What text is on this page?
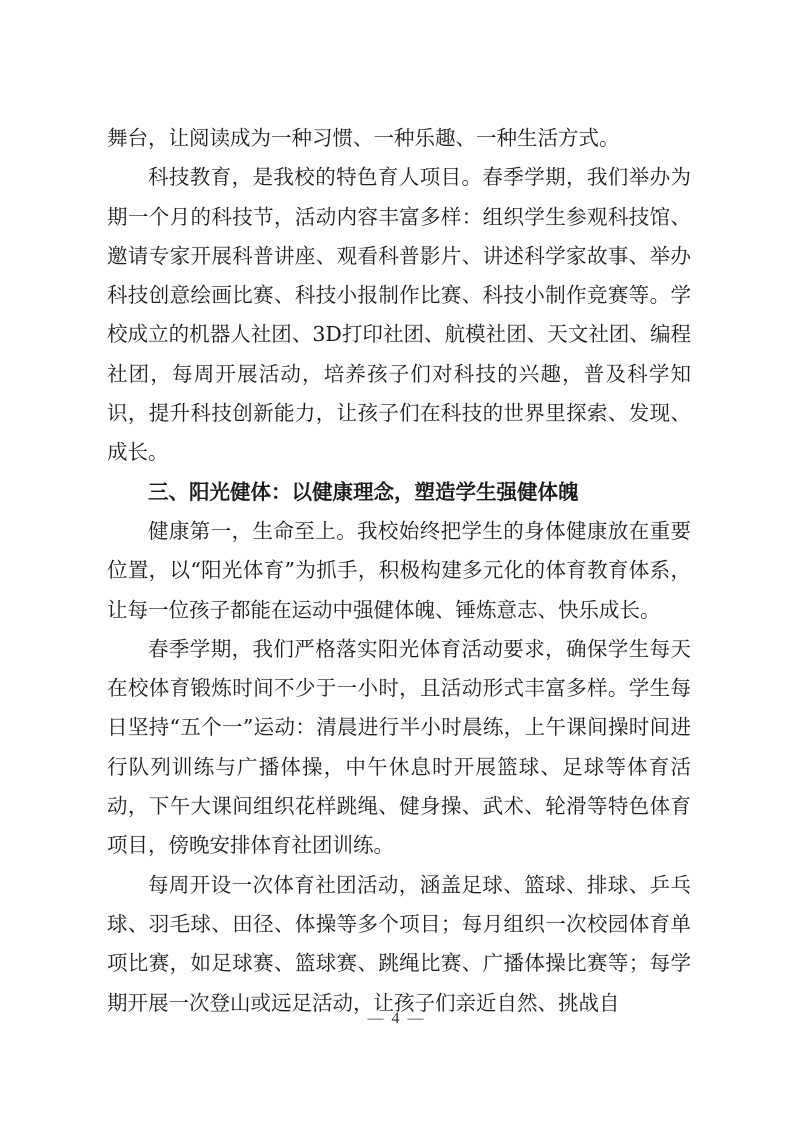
舞台，让阅读成为一种习惯、一种乐趣、一种生活方式。

科技教育，是我校的特色育人项目。春季学期，我们举办为期一个月的科技节，活动内容丰富多样：组织学生参观科技馆、邀请专家开展科普讲座、观看科普影片、讲述科学家故事、举办科技创意绘画比赛、科技小报制作比赛、科技小制作竞赛等。学校成立的机器人社团、3D打印社团、航模社团、天文社团、编程社团，每周开展活动，培养孩子们对科技的兴趣，普及科学知识，提升科技创新能力，让孩子们在科技的世界里探索、发现、成长。

三、阳光健体：以健康理念，塑造学生强健体魄

健康第一，生命至上。我校始终把学生的身体健康放在重要位置，以“阳光体育”为抓手，积极构建多元化的体育教育体系，让每一位孩子都能在运动中强健体魄、锤炼意志、快乐成长。

春季学期，我们严格落实阳光体育活动要求，确保学生每天在校体育锻炼时间不少于一小时，且活动形式丰富多样。学生每日坚持“五个一”运动：清晨进行半小时晨练，上午课间操时间进行队列训练与广播体操，中午休息时开展篮球、足球等体育活动，下午大课间组织花样跳绳、健身操、武术、轮滑等特色体育项目，傍晚安排体育社团训练。

每周开设一次体育社团活动，涵盖足球、篮球、排球、乒乓球、羽毛球、田径、体操等多个项目；每月组织一次校园体育单项比赛，如足球赛、篮球赛、跳绳比赛、广播体操比赛等；每学期开展一次登山或远足活动，让孩子们亲近自然、挑战自

— 4 —
